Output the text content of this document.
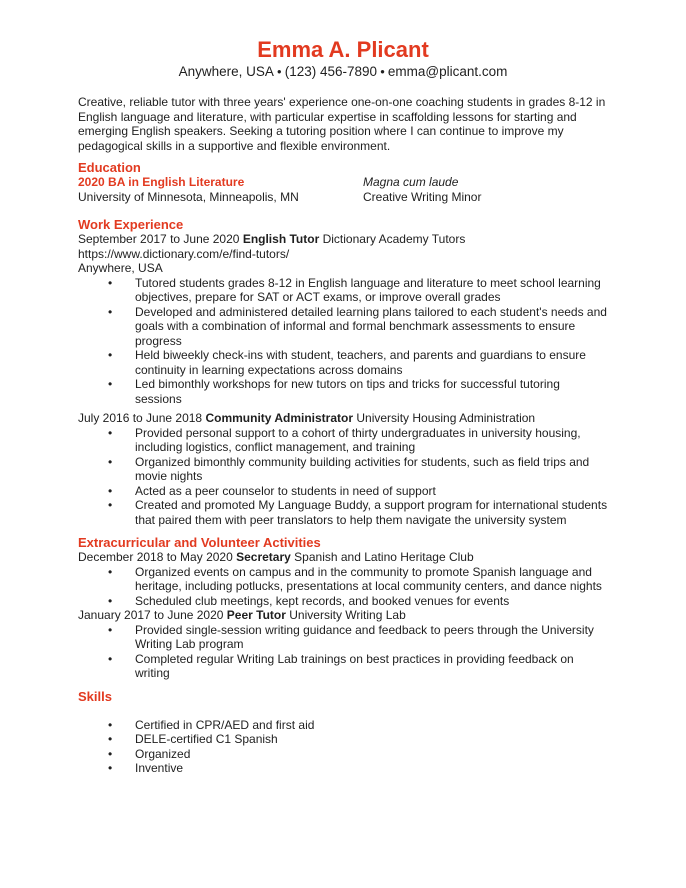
Emma A. Plicant
Anywhere, USA ● (123) 456-7890 ● emma@plicant.com

Creative, reliable tutor with three years' experience one-on-one coaching students in grades 8-12 in English language and literature, with particular expertise in scaffolding lessons for starting and emerging English speakers. Seeking a tutoring position where I can continue to improve my pedagogical skills in a supportive and flexible environment.

Education
2020 BA in English Literature	Magna cum laude
University of Minnesota, Minneapolis, MN	Creative Writing Minor
Work Experience

September 2017 to June 2020 English Tutor Dictionary Academy Tutors

https://www.dictionary.com/e/find-tutors/

Anywhere, USA

• Tutored students grades 8-12 in English language and literature to meet school learning objectives, prepare for SAT or ACT exams, or improve overall grades
• Developed and administered detailed learning plans tailored to each student's needs and goals with a combination of informal and formal benchmark assessments to ensure progress
• Held biweekly check-ins with student, teachers, and parents and guardians to ensure continuity in learning expectations across domains
• Led bimonthly workshops for new tutors on tips and tricks for successful tutoring sessions

July 2016 to June 2018 Community Administrator University Housing Administration

• Provided personal support to a cohort of thirty undergraduates in university housing, including logistics, conflict management, and training
• Organized bimonthly community building activities for students, such as field trips and movie nights
• Acted as a peer counselor to students in need of support
• Created and promoted My Language Buddy, a support program for international students that paired them with peer translators to help them navigate the university system
Extracurricular and Volunteer Activities

December 2018 to May 2020 Secretary Spanish and Latino Heritage Club

• Organized events on campus and in the community to promote Spanish language and heritage, including potlucks, presentations at local community centers, and dance nights
• Scheduled club meetings, kept records, and booked venues for events

January 2017 to June 2020 Peer Tutor University Writing Lab

• Provided single-session writing guidance and feedback to peers through the University Writing Lab program
• Completed regular Writing Lab trainings on best practices in providing feedback on writing
Skills
• Certified in CPR/AED and first aid
• DELE-certified C1 Spanish
• Organized
• Inventive
